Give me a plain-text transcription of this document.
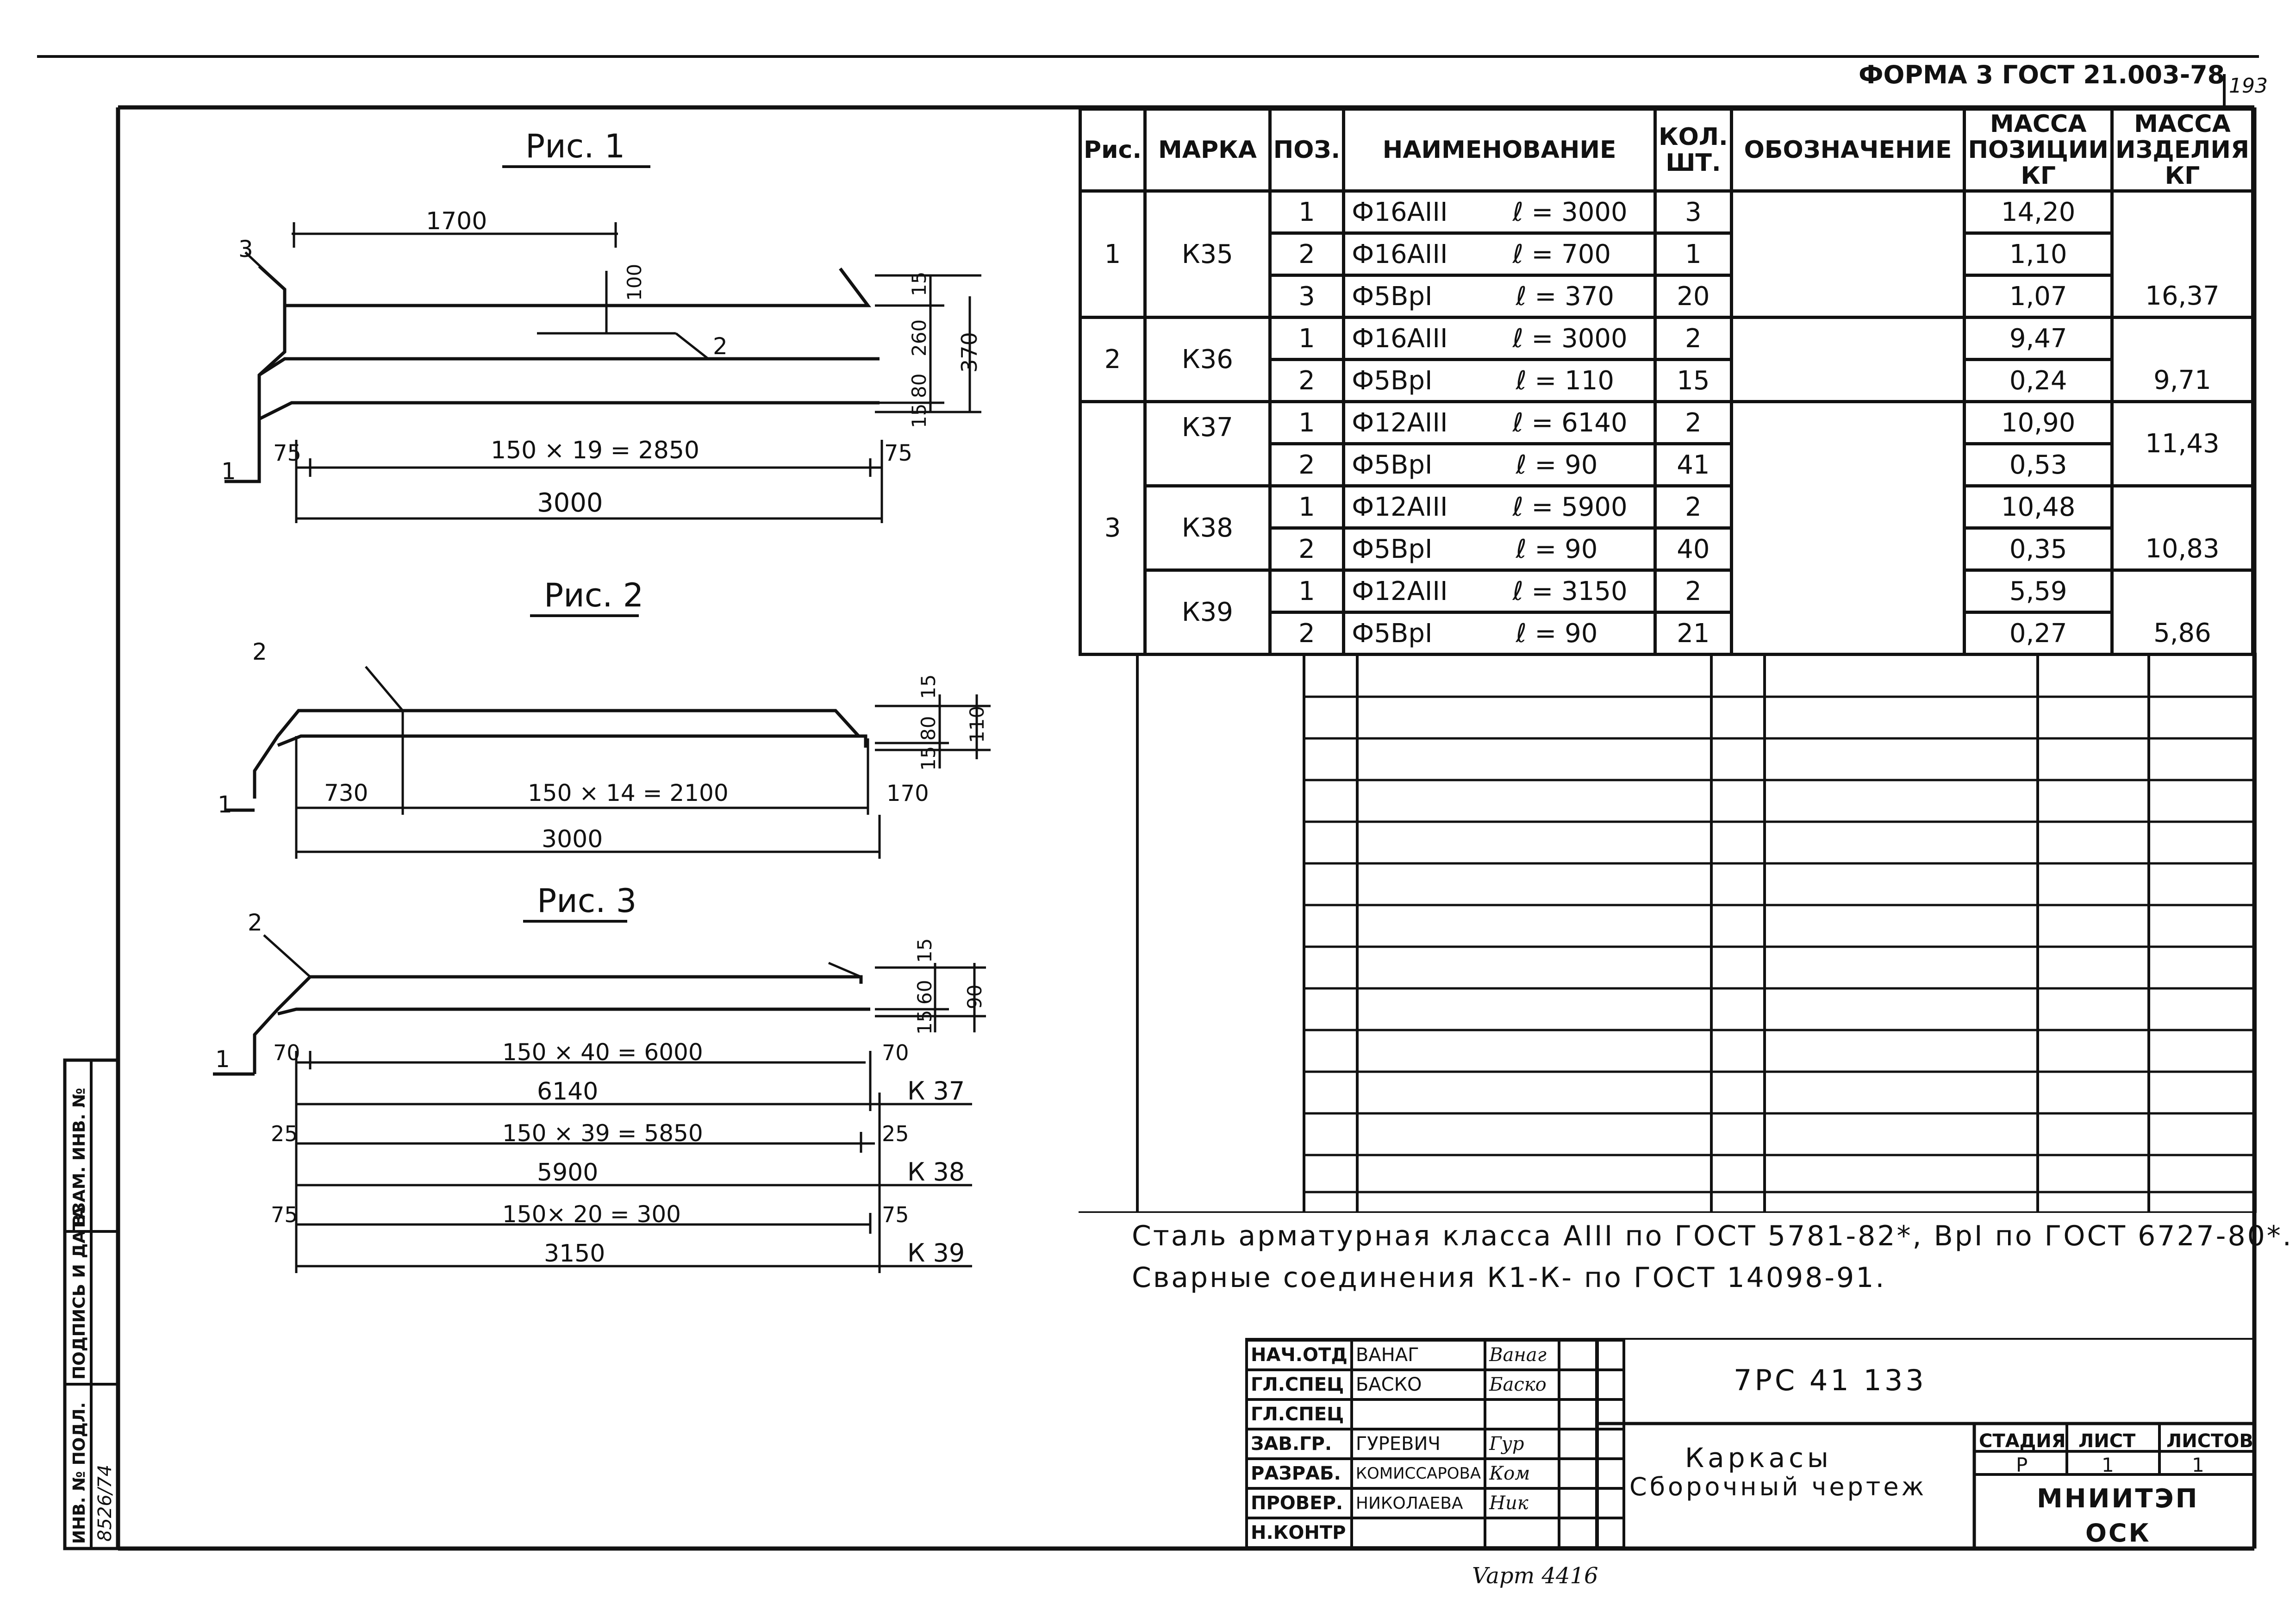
Рис. 1
1700
100	15
260
80
15
370
3
2
1
75	75
150 × 19 = 2850
3000
Рис. 2
2
1
15
80
15
110
730	150 × 14 = 2100	170
3000
Рис. 3
2
1
15
60
15
90
70	150 × 40 = 6000	70
6140	К 37
25	150 × 39 = 5850	25
5900	К 38
75	150× 20 = 300	75
3150	К 39
ИНВ. № ПОДЛ.
ПОДПИСЬ И ДАТА
ВЗАМ. ИНВ. №
8526/74
Vapm 4416
ФОРМА 3 ГОСТ 21.003-78 193
Рис.	МАРКА	ПОЗ.	НАИМЕНОВАНИЕ	КОЛ. ШТ.	ОБОЗНАЧЕНИЕ	МАССА ПОЗИЦИИ КГ	МАССА ИЗДЕЛИЯ КГ
1	К35	1	Ф16АIII ℓ = 3000	3		14,20	16,37
		2	Ф16АIII ℓ = 700	1		1,10	
		3	Ф5ВрI ℓ = 370	20		1,07	
2	К36	1	Ф16АIII ℓ = 3000	2		9,47	9,71
		2	Ф5ВрI ℓ = 110	15		0,24	
3	К37	1	Ф12АIII ℓ = 6140	2		10,90	11,43
		2	Ф5ВрI ℓ = 90	41		0,53	
	К38	1	Ф12АIII ℓ = 5900	2		10,48	10,83
		2	Ф5ВрI ℓ = 90	40		0,35	
	К39	1	Ф12АIII ℓ = 3150	2		5,59	5,86
		2	Ф5ВрI ℓ = 90	21		0,27	
Сталь арматурная класса АIII по ГОСТ 5781-82*, ВрI по ГОСТ 6727-80*.
Сварные соединения К1-К- по ГОСТ 14098-91.
НАЧ.ОТД	ВАНАГ	Ванаг	
ГЛ.СПЕЦ	БАСКО	Баско	
ГЛ.СПЕЦ			
ЗАВ.ГР.	ГУРЕВИЧ	Гур	
РАЗРАБ.	КОМИССАРОВА	Ком	
ПРОВЕР.	НИКОЛАЕВА	Ник	
Н.КОНТР			
7РС 41 133
Каркасы
Сборочный чертеж
СТАДИЯ ЛИСТ ЛИСТОВ
Р	1	1
МНИИТЭП
ОСК
